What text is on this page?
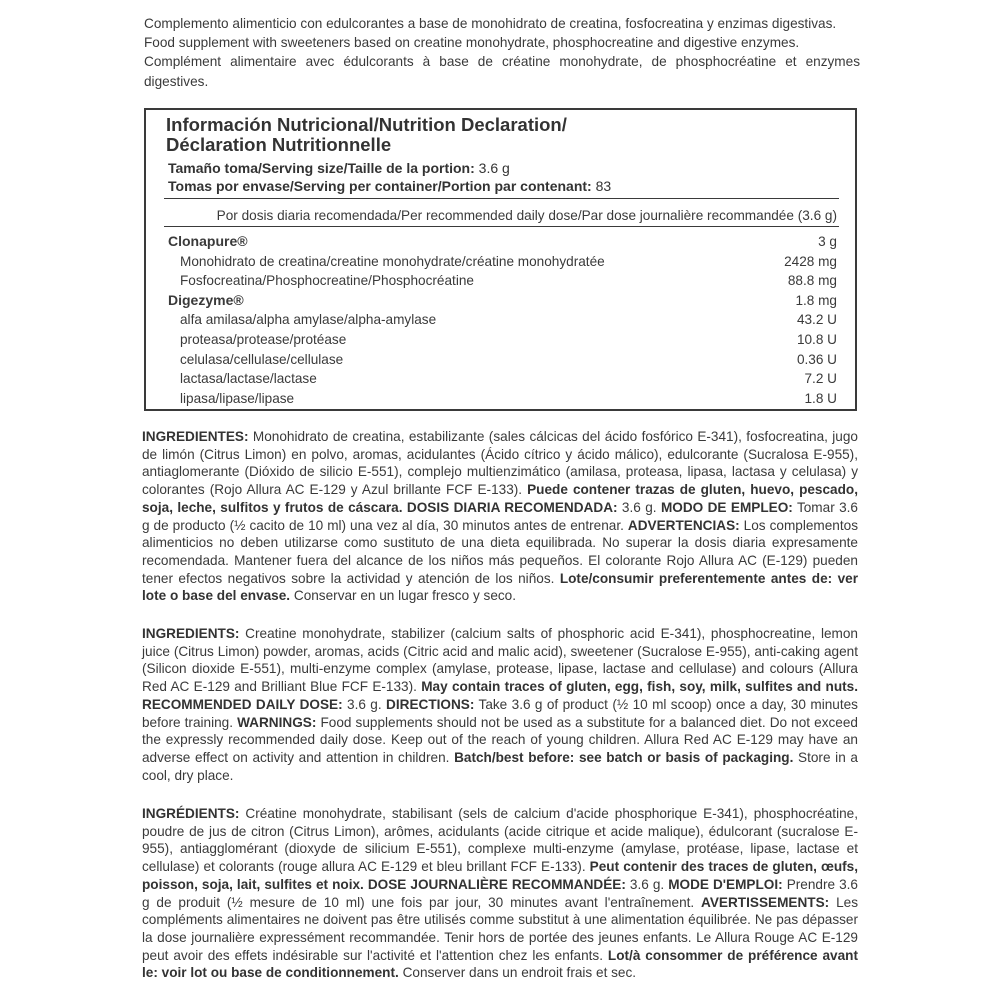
Complemento alimenticio con edulcorantes a base de monohidrato de creatina, fosfocreatina y enzimas digestivas.

Food supplement with sweeteners based on creatine monohydrate, phosphocreatine and digestive enzymes.

Complément alimentaire avec édulcorants à base de créatine monohydrate, de phosphocréatine et enzymes digestives.

Información Nutricional/Nutrition Declaration/
Déclaration Nutritionnelle
Tamaño toma/Serving size/Taille de la portion: 3.6 g
Tomas por envase/Serving per container/Portion par contenant: 83
Por dosis diaria recomendada/Per recommended daily dose/Par dose journalière recommandée (3.6 g)
Clonapure®	3 g
Monohidrato de creatina/creatine monohydrate/créatine monohydratée	2428 mg
Fosfocreatina/Phosphocreatine/Phosphocréatine	88.8 mg
Digezyme®	1.8 mg
alfa amilasa/alpha amylase/alpha-amylase	43.2 U
proteasa/protease/protéase	10.8 U
celulasa/cellulase/cellulase	0.36 U
lactasa/lactase/lactase	7.2 U
lipasa/lipase/lipase	1.8 U

INGREDIENTES: Monohidrato de creatina, estabilizante (sales cálcicas del ácido fosfórico E-341), fosfocreatina, jugo de limón (Citrus Limon) en polvo, aromas, acidulantes (Ácido cítrico y ácido málico), edulcorante (Sucralosa E-955), antiaglomerante (Dióxido de silicio E-551), complejo multienzimático (amilasa, proteasa, lipasa, lactasa y celulasa) y colorantes (Rojo Allura AC E-129 y Azul brillante FCF E-133). Puede contener trazas de gluten, huevo, pescado, soja, leche, sulfitos y frutos de cáscara. DOSIS DIARIA RECOMENDADA: 3.6 g. MODO DE EMPLEO: Tomar 3.6 g de producto (½ cacito de 10 ml) una vez al día, 30 minutos antes de entrenar. ADVERTENCIAS: Los complementos alimenticios no deben utilizarse como sustituto de una dieta equilibrada. No superar la dosis diaria expresamente recomendada. Mantener fuera del alcance de los niños más pequeños. El colorante Rojo Allura AC (E-129) pueden tener efectos negativos sobre la actividad y atención de los niños. Lote/consumir preferentemente antes de: ver lote o base del envase. Conservar en un lugar fresco y seco.

INGREDIENTS: Creatine monohydrate, stabilizer (calcium salts of phosphoric acid E-341), phosphocreatine, lemon juice (Citrus Limon) powder, aromas, acids (Citric acid and malic acid), sweetener (Sucralose E-955), anti-caking agent (Silicon dioxide E-551), multi-enzyme complex (amylase, protease, lipase, lactase and cellulase) and colours (Allura Red AC E-129 and Brilliant Blue FCF E-133). May contain traces of gluten, egg, fish, soy, milk, sulfites and nuts. RECOMMENDED DAILY DOSE: 3.6 g. DIRECTIONS: Take 3.6 g of product (½ 10 ml scoop) once a day, 30 minutes before training. WARNINGS: Food supplements should not be used as a substitute for a balanced diet. Do not exceed the expressly recommended daily dose. Keep out of the reach of young children. Allura Red AC E-129 may have an adverse effect on activity and attention in children. Batch/best before: see batch or basis of packaging. Store in a cool, dry place.

INGRÉDIENTS: Créatine monohydrate, stabilisant (sels de calcium d'acide phosphorique E-341), phosphocréatine, poudre de jus de citron (Citrus Limon), arômes, acidulants (acide citrique et acide malique), édulcorant (sucralose E-955), antiagglomérant (dioxyde de silicium E-551), complexe multi-enzyme (amylase, protéase, lipase, lactase et cellulase) et colorants (rouge allura AC E-129 et bleu brillant FCF E-133). Peut contenir des traces de gluten, œufs, poisson, soja, lait, sulfites et noix. DOSE JOURNALIÈRE RECOMMANDÉE: 3.6 g. MODE D'EMPLOI: Prendre 3.6 g de produit (½ mesure de 10 ml) une fois par jour, 30 minutes avant l'entraînement. AVERTISSEMENTS: Les compléments alimentaires ne doivent pas être utilisés comme substitut à une alimentation équilibrée. Ne pas dépasser la dose journalière expressément recommandée. Tenir hors de portée des jeunes enfants. Le Allura Rouge AC E-129 peut avoir des effets indésirable sur l'activité et l'attention chez les enfants. Lot/à consommer de préférence avant le: voir lot ou base de conditionnement. Conserver dans un endroit frais et sec.
